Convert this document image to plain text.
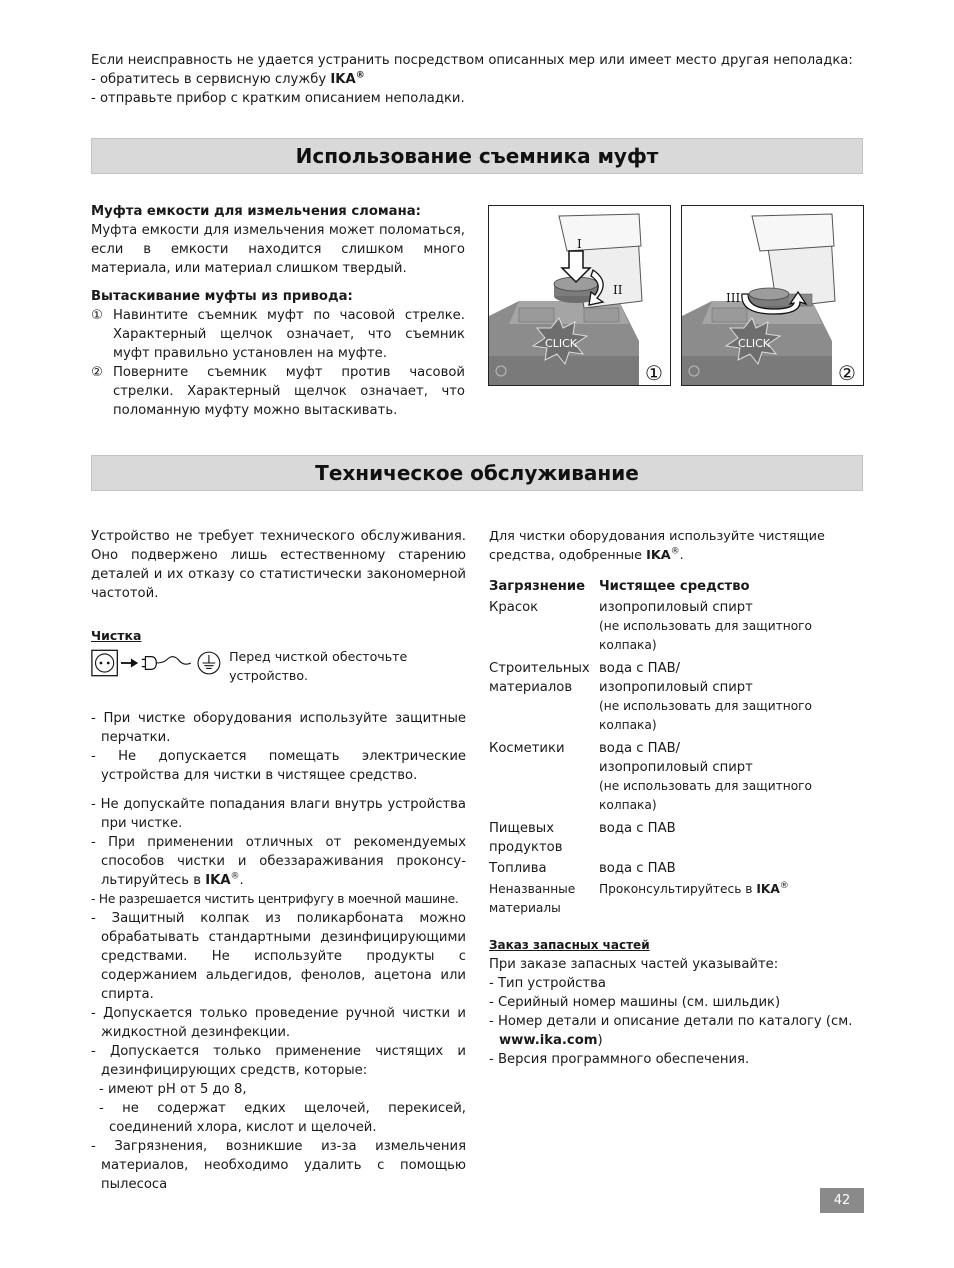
Если неисправность не удается устранить посредством описанных мер или имеет место другая неполадка:

- обратитесь в сервисную службу IKA®

- отправьте прибор с кратким описанием неполадки.

Использование съемника муфт

Муфта емкости для измельчения сломана:

Муфта емкости для измельчения может поломаться, если в емкости находится слишком много материала, или материал слишком твердый.

Вытаскивание муфты из привода:

① Навинтите съемник муфт по часовой стрелке. Характерный щелчок означает, что съемник муфт правильно установлен на муфте.
② Поверните съемник муфт против часовой стрелки. Характерный щелчок означает, что поломанную муфту можно вытаскивать.
CLICK
I
II
①
CLICK
III
②
Техническое обслуживание

Устройство не требует технического обслуживания. Оно подвержено лишь естественному старению деталей и их отказу со статистически закономерной частотой.

Чистка

Перед чисткой обесточьте устройство.

- При чистке оборудования используйте защитные перчатки.

- Не допускается помещать электрические устройства для чистки в чистящее средство.

- Не допускайте попадания влаги внутрь устройства при чистке.

- При применении отличных от рекомендуемых способов чистки и обеззараживания проконсу-льтируйтесь в IKA®.

- Не разрешается чистить центрифугу в моечной машине.

- Защитный колпак из поликарбоната можно обрабатывать стандартными дезинфицирующими средствами. Не используйте продукты с содержанием альдегидов, фенолов, ацетона или спирта.

- Допускается только проведение ручной чистки и жидкостной дезинфекции.

- Допускается только применение чистящих и дезинфицирующих средств, которые:

- имеют pH от 5 до 8,

- не содержат едких щелочей, перекисей, соединений хлора, кислот и щелочей.

- Загрязнения, возникшие из-за измельчения материалов, необходимо удалить с помощью пылесоса

Для чистки оборудования используйте чистящие средства, одобренные IKA®.

Загрязнение	Чистящее средство
Красок	изопропиловый спирт
(не использовать для защитного колпака)

Строительных материалов	вода с ПАВ/ изопропиловый спирт
(не использовать для защитного колпака)

Косметики	вода с ПАВ/ изопропиловый спирт
(не использовать для защитного колпака)

Пищевых продуктов	вода с ПАВ
Топлива	вода с ПАВ
Неназванные материалы	Проконсультируйтесь в IKA®

Заказ запасных частей

При заказе запасных частей указывайте:

- Тип устройства

- Серийный номер машины (см. шильдик)

- Номер детали и описание детали по каталогу (см.

www.ika.com)

- Версия программного обеспечения.

42
